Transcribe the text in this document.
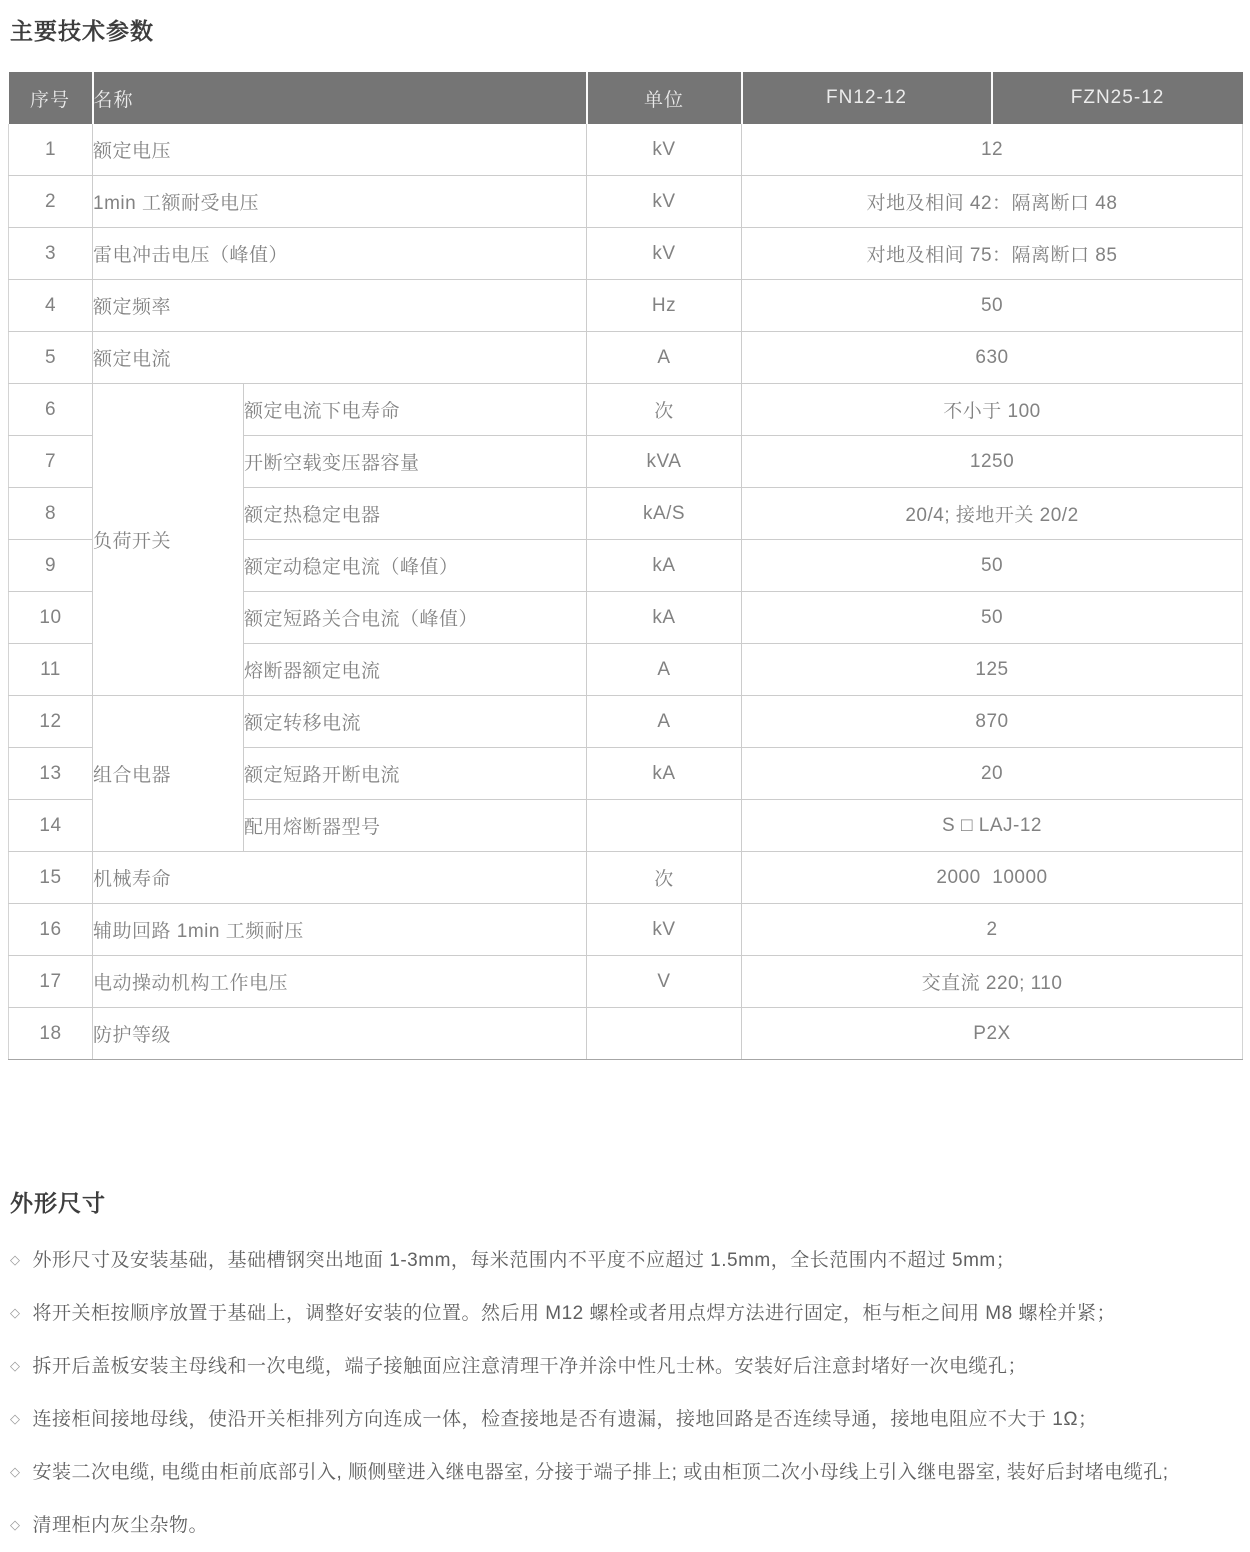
主要技术参数
序号	名称		单位	FN12-12	FZN25-12
1	额定电压		kV	12	
2	1min 工额耐受电压		kV	对地及相间 42：隔离断口 48	
3	雷电冲击电压（峰值）		kV	对地及相间 75：隔离断口 85	
4	额定频率		Hz	50	
5	额定电流		A	630	
6	负荷开关	额定电流下电寿命	次	不小于 100	
7		开断空载变压器容量	kVA	1250	
8		额定热稳定电器	kA/S	20/4; 接地开关 20/2	
9		额定动稳定电流（峰值）	kA	50	
10		额定短路关合电流（峰值）	kA	50	
11		熔断器额定电流	A	125	
12	组合电器	额定转移电流	A	870	
13		额定短路开断电流	kA	20	
14		配用熔断器型号		S □ LAJ-12	
15	机械寿命		次	2000  10000	
16	辅助回路 1min 工频耐压		kV	2	
17	电动操动机构工作电压		V	交直流 220; 110	
18	防护等级			P2X	
外形尺寸
◇ 外形尺寸及安装基础，基础槽钢突出地面 1-3mm，每米范围内不平度不应超过 1.5mm，全长范围内不超过 5mm；
◇ 将开关柜按顺序放置于基础上，调整好安装的位置。然后用 M12 螺栓或者用点焊方法进行固定，柜与柜之间用 M8 螺栓并紧；
◇ 拆开后盖板安装主母线和一次电缆，端子接触面应注意清理干净并涂中性凡士林。安装好后注意封堵好一次电缆孔；
◇ 连接柜间接地母线，使沿开关柜排列方向连成一体，检查接地是否有遗漏，接地回路是否连续导通，接地电阻应不大于 1Ω；
◇ 安装二次电缆, 电缆由柜前底部引入, 顺侧壁进入继电器室, 分接于端子排上; 或由柜顶二次小母线上引入继电器室, 装好后封堵电缆孔;
◇ 清理柜内灰尘杂物。
